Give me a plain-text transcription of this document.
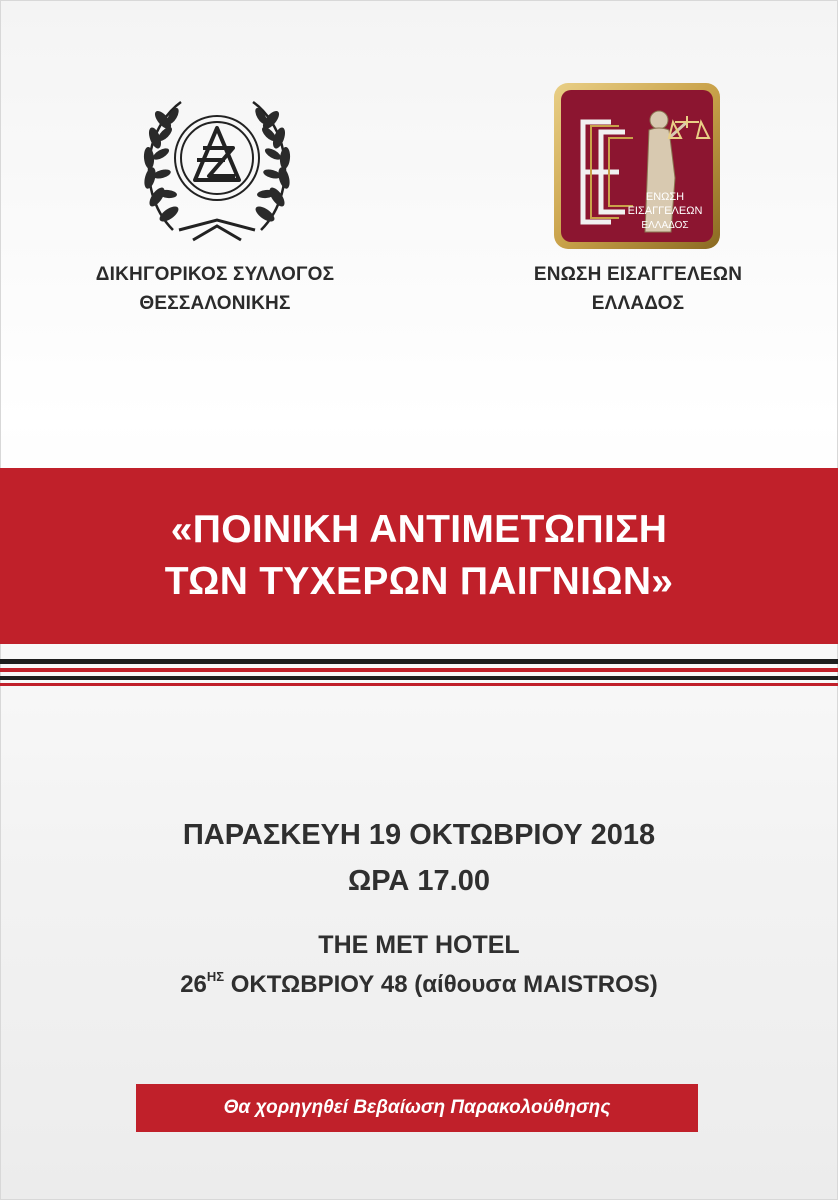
ΕΝΩΣΗ
ΕΙΣΑΓΓΕΛΕΩΝ
ΕΛΛΑΔΟΣ
ΔΙΚΗΓΟΡΙΚΟΣ ΣΥΛΛΟΓΟΣ
ΘΕΣΣΑΛΟΝΙΚΗΣ
ΕΝΩΣΗ ΕΙΣΑΓΓΕΛΕΩΝ
ΕΛΛΑΔΟΣ
«ΠΟΙΝΙΚΗ ΑΝΤΙΜΕΤΩΠΙΣΗ
ΤΩΝ ΤΥΧΕΡΩΝ ΠΑΙΓΝΙΩΝ»
ΠΑΡΑΣΚΕΥΗ 19 ΟΚΤΩΒΡΙΟΥ 2018
ΩΡΑ 17.00
THE MET HOTEL
$26^{H\Sigma}$ ΟΚΤΩΒΡΙΟΥ 48 (αίθουσα MAISTROS)
Θα χορηγηθεί Βεβαίωση Παρακολούθησης
